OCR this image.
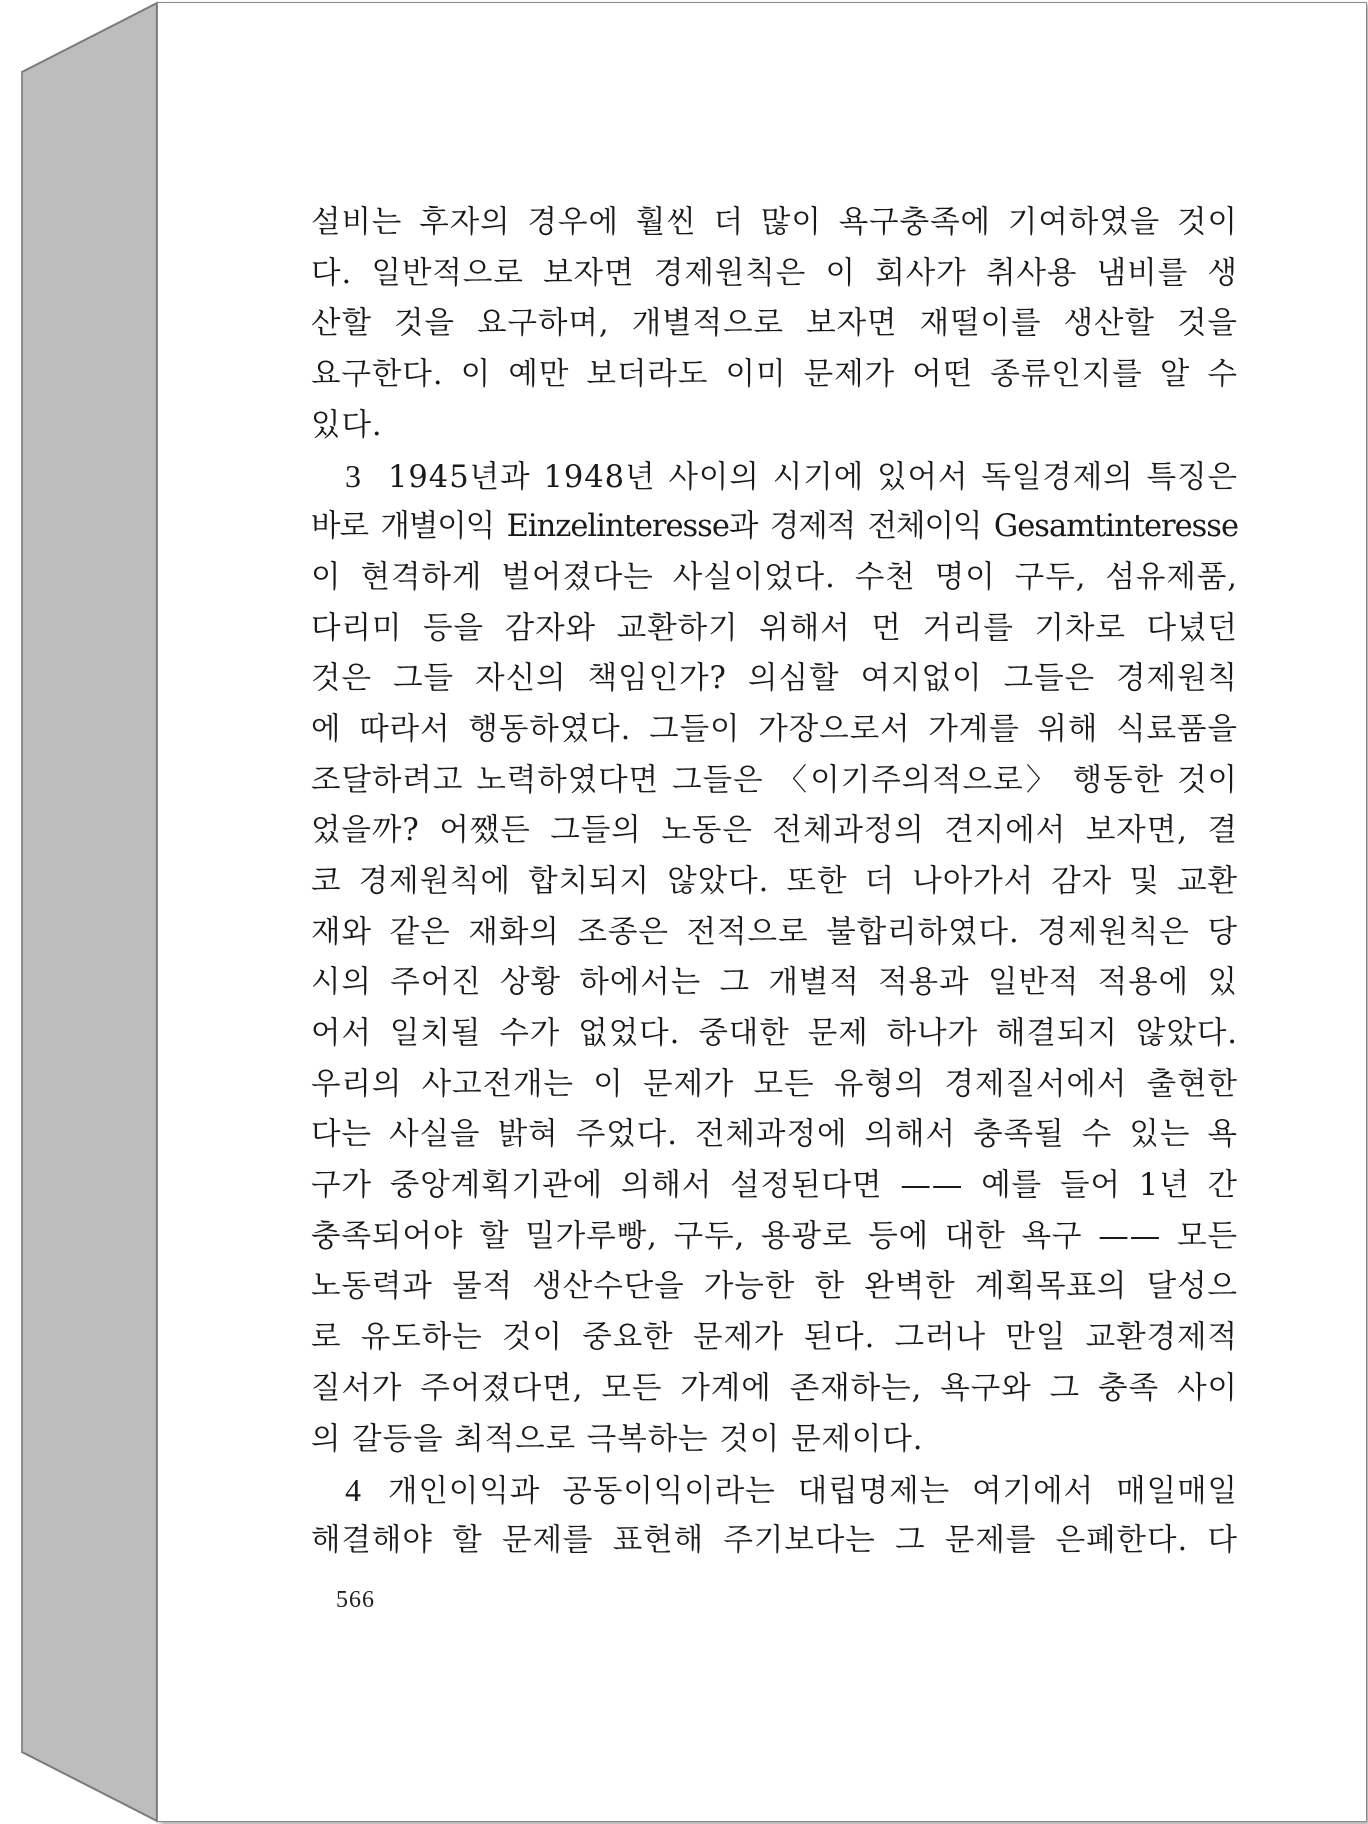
설비는 후자의 경우에 훨씬 더 많이 욕구충족에 기여하였을 것이
다. 일반적으로 보자면 경제원칙은 이 회사가 취사용 냄비를 생
산할 것을 요구하며, 개별적으로 보자면 재떨이를 생산할 것을
요구한다. 이 예만 보더라도 이미 문제가 어떤 종류인지를 알 수
있다.
3 1945년과 1948년 사이의 시기에 있어서 독일경제의 특징은
바로 개별이익 Einzelinteresse과 경제적 전체이익 Gesamtinteresse
이 현격하게 벌어졌다는 사실이었다. 수천 명이 구두, 섬유제품,
다리미 등을 감자와 교환하기 위해서 먼 거리를 기차로 다녔던
것은 그들 자신의 책임인가? 의심할 여지없이 그들은 경제원칙
에 따라서 행동하였다. 그들이 가장으로서 가계를 위해 식료품을
조달하려고 노력하였다면 그들은 〈이기주의적으로〉 행동한 것이
었을까? 어쨌든 그들의 노동은 전체과정의 견지에서 보자면, 결
코 경제원칙에 합치되지 않았다. 또한 더 나아가서 감자 및 교환
재와 같은 재화의 조종은 전적으로 불합리하였다. 경제원칙은 당
시의 주어진 상황 하에서는 그 개별적 적용과 일반적 적용에 있
어서 일치될 수가 없었다. 중대한 문제 하나가 해결되지 않았다.
우리의 사고전개는 이 문제가 모든 유형의 경제질서에서 출현한
다는 사실을 밝혀 주었다. 전체과정에 의해서 충족될 수 있는 욕
구가 중앙계획기관에 의해서 설정된다면 —— 예를 들어 1년 간
충족되어야 할 밀가루빵, 구두, 용광로 등에 대한 욕구 —— 모든
노동력과 물적 생산수단을 가능한 한 완벽한 계획목표의 달성으
로 유도하는 것이 중요한 문제가 된다. 그러나 만일 교환경제적
질서가 주어졌다면, 모든 가계에 존재하는, 욕구와 그 충족 사이
의 갈등을 최적으로 극복하는 것이 문제이다.
4 개인이익과 공동이익이라는 대립명제는 여기에서 매일매일
해결해야 할 문제를 표현해 주기보다는 그 문제를 은폐한다. 다
566
